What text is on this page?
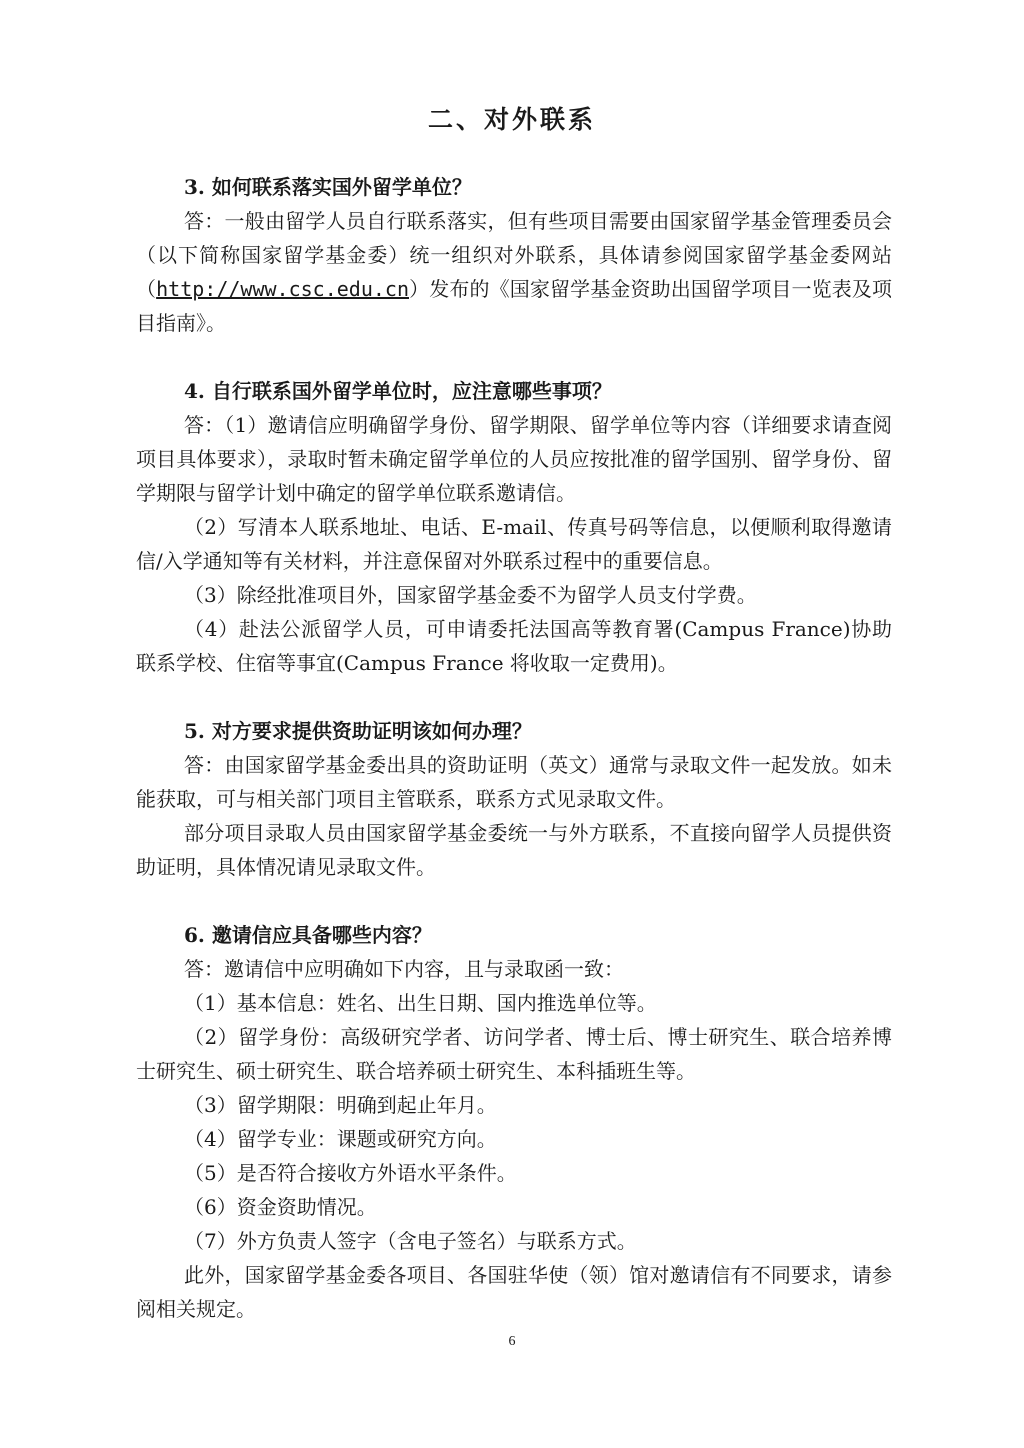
二、对外联系

3. 如何联系落实国外留学单位？

答：一般由留学人员自行联系落实，但有些项目需要由国家留学基金管理委员会（以下简称国家留学基金委）统一组织对外联系，具体请参阅国家留学基金委网站（http://www.csc.edu.cn）发布的《国家留学基金资助出国留学项目一览表及项目指南》。

4. 自行联系国外留学单位时，应注意哪些事项？

答：（1）邀请信应明确留学身份、留学期限、留学单位等内容（详细要求请查阅项目具体要求），录取时暂未确定留学单位的人员应按批准的留学国别、留学身份、留学期限与留学计划中确定的留学单位联系邀请信。

（2）写清本人联系地址、电话、E-mail、传真号码等信息，以便顺利取得邀请信/入学通知等有关材料，并注意保留对外联系过程中的重要信息。

（3）除经批准项目外，国家留学基金委不为留学人员支付学费。

（4）赴法公派留学人员，可申请委托法国高等教育署(Campus France)协助联系学校、住宿等事宜(Campus France 将收取一定费用)。

5. 对方要求提供资助证明该如何办理？

答：由国家留学基金委出具的资助证明（英文）通常与录取文件一起发放。如未能获取，可与相关部门项目主管联系，联系方式见录取文件。

部分项目录取人员由国家留学基金委统一与外方联系，不直接向留学人员提供资助证明，具体情况请见录取文件。

6. 邀请信应具备哪些内容？

答：邀请信中应明确如下内容，且与录取函一致：

（1）基本信息：姓名、出生日期、国内推选单位等。

（2）留学身份：高级研究学者、访问学者、博士后、博士研究生、联合培养博士研究生、硕士研究生、联合培养硕士研究生、本科插班生等。

（3）留学期限：明确到起止年月。

（4）留学专业：课题或研究方向。

（5）是否符合接收方外语水平条件。

（6）资金资助情况。

（7）外方负责人签字（含电子签名）与联系方式。

此外，国家留学基金委各项目、各国驻华使（领）馆对邀请信有不同要求，请参阅相关规定。

6
